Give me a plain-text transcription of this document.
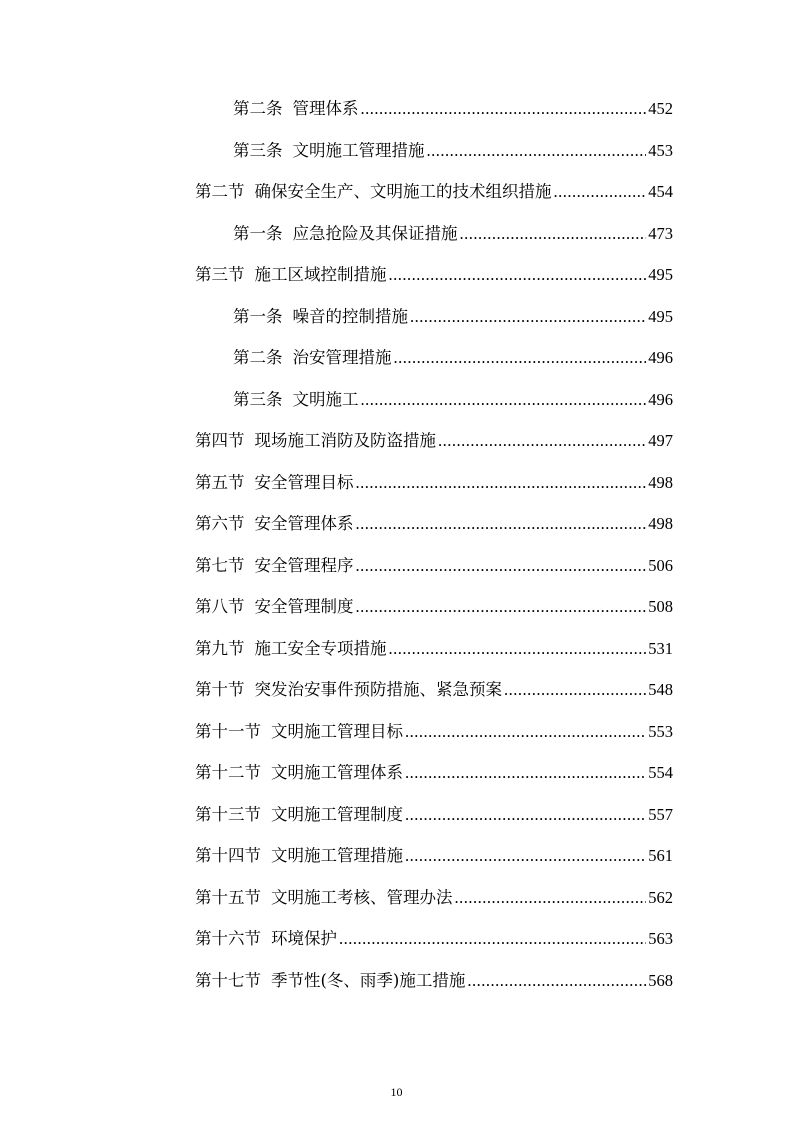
第二条 管理体系 .....	452
第三条 文明施工管理措施 .....	453
第二节 确保安全生产、文明施工的技术组织措施 .....	454
第一条 应急抢险及其保证措施 .....	473
第三节 施工区域控制措施 .....	495
第一条 噪音的控制措施 .....	495
第二条 治安管理措施 .....	496
第三条 文明施工 .....	496
第四节 现场施工消防及防盗措施 .....	497
第五节 安全管理目标 .....	498
第六节 安全管理体系 .....	498
第七节 安全管理程序 .....	506
第八节 安全管理制度 .....	508
第九节 施工安全专项措施 .....	531
第十节 突发治安事件预防措施、紧急预案 .....	548
第十一节 文明施工管理目标 .....	553
第十二节 文明施工管理体系 .....	554
第十三节 文明施工管理制度 .....	557
第十四节 文明施工管理措施 .....	561
第十五节 文明施工考核、管理办法 .....	562
第十六节 环境保护 .....	563
第十七节 季节性(冬、雨季)施工措施 .....	568
10
